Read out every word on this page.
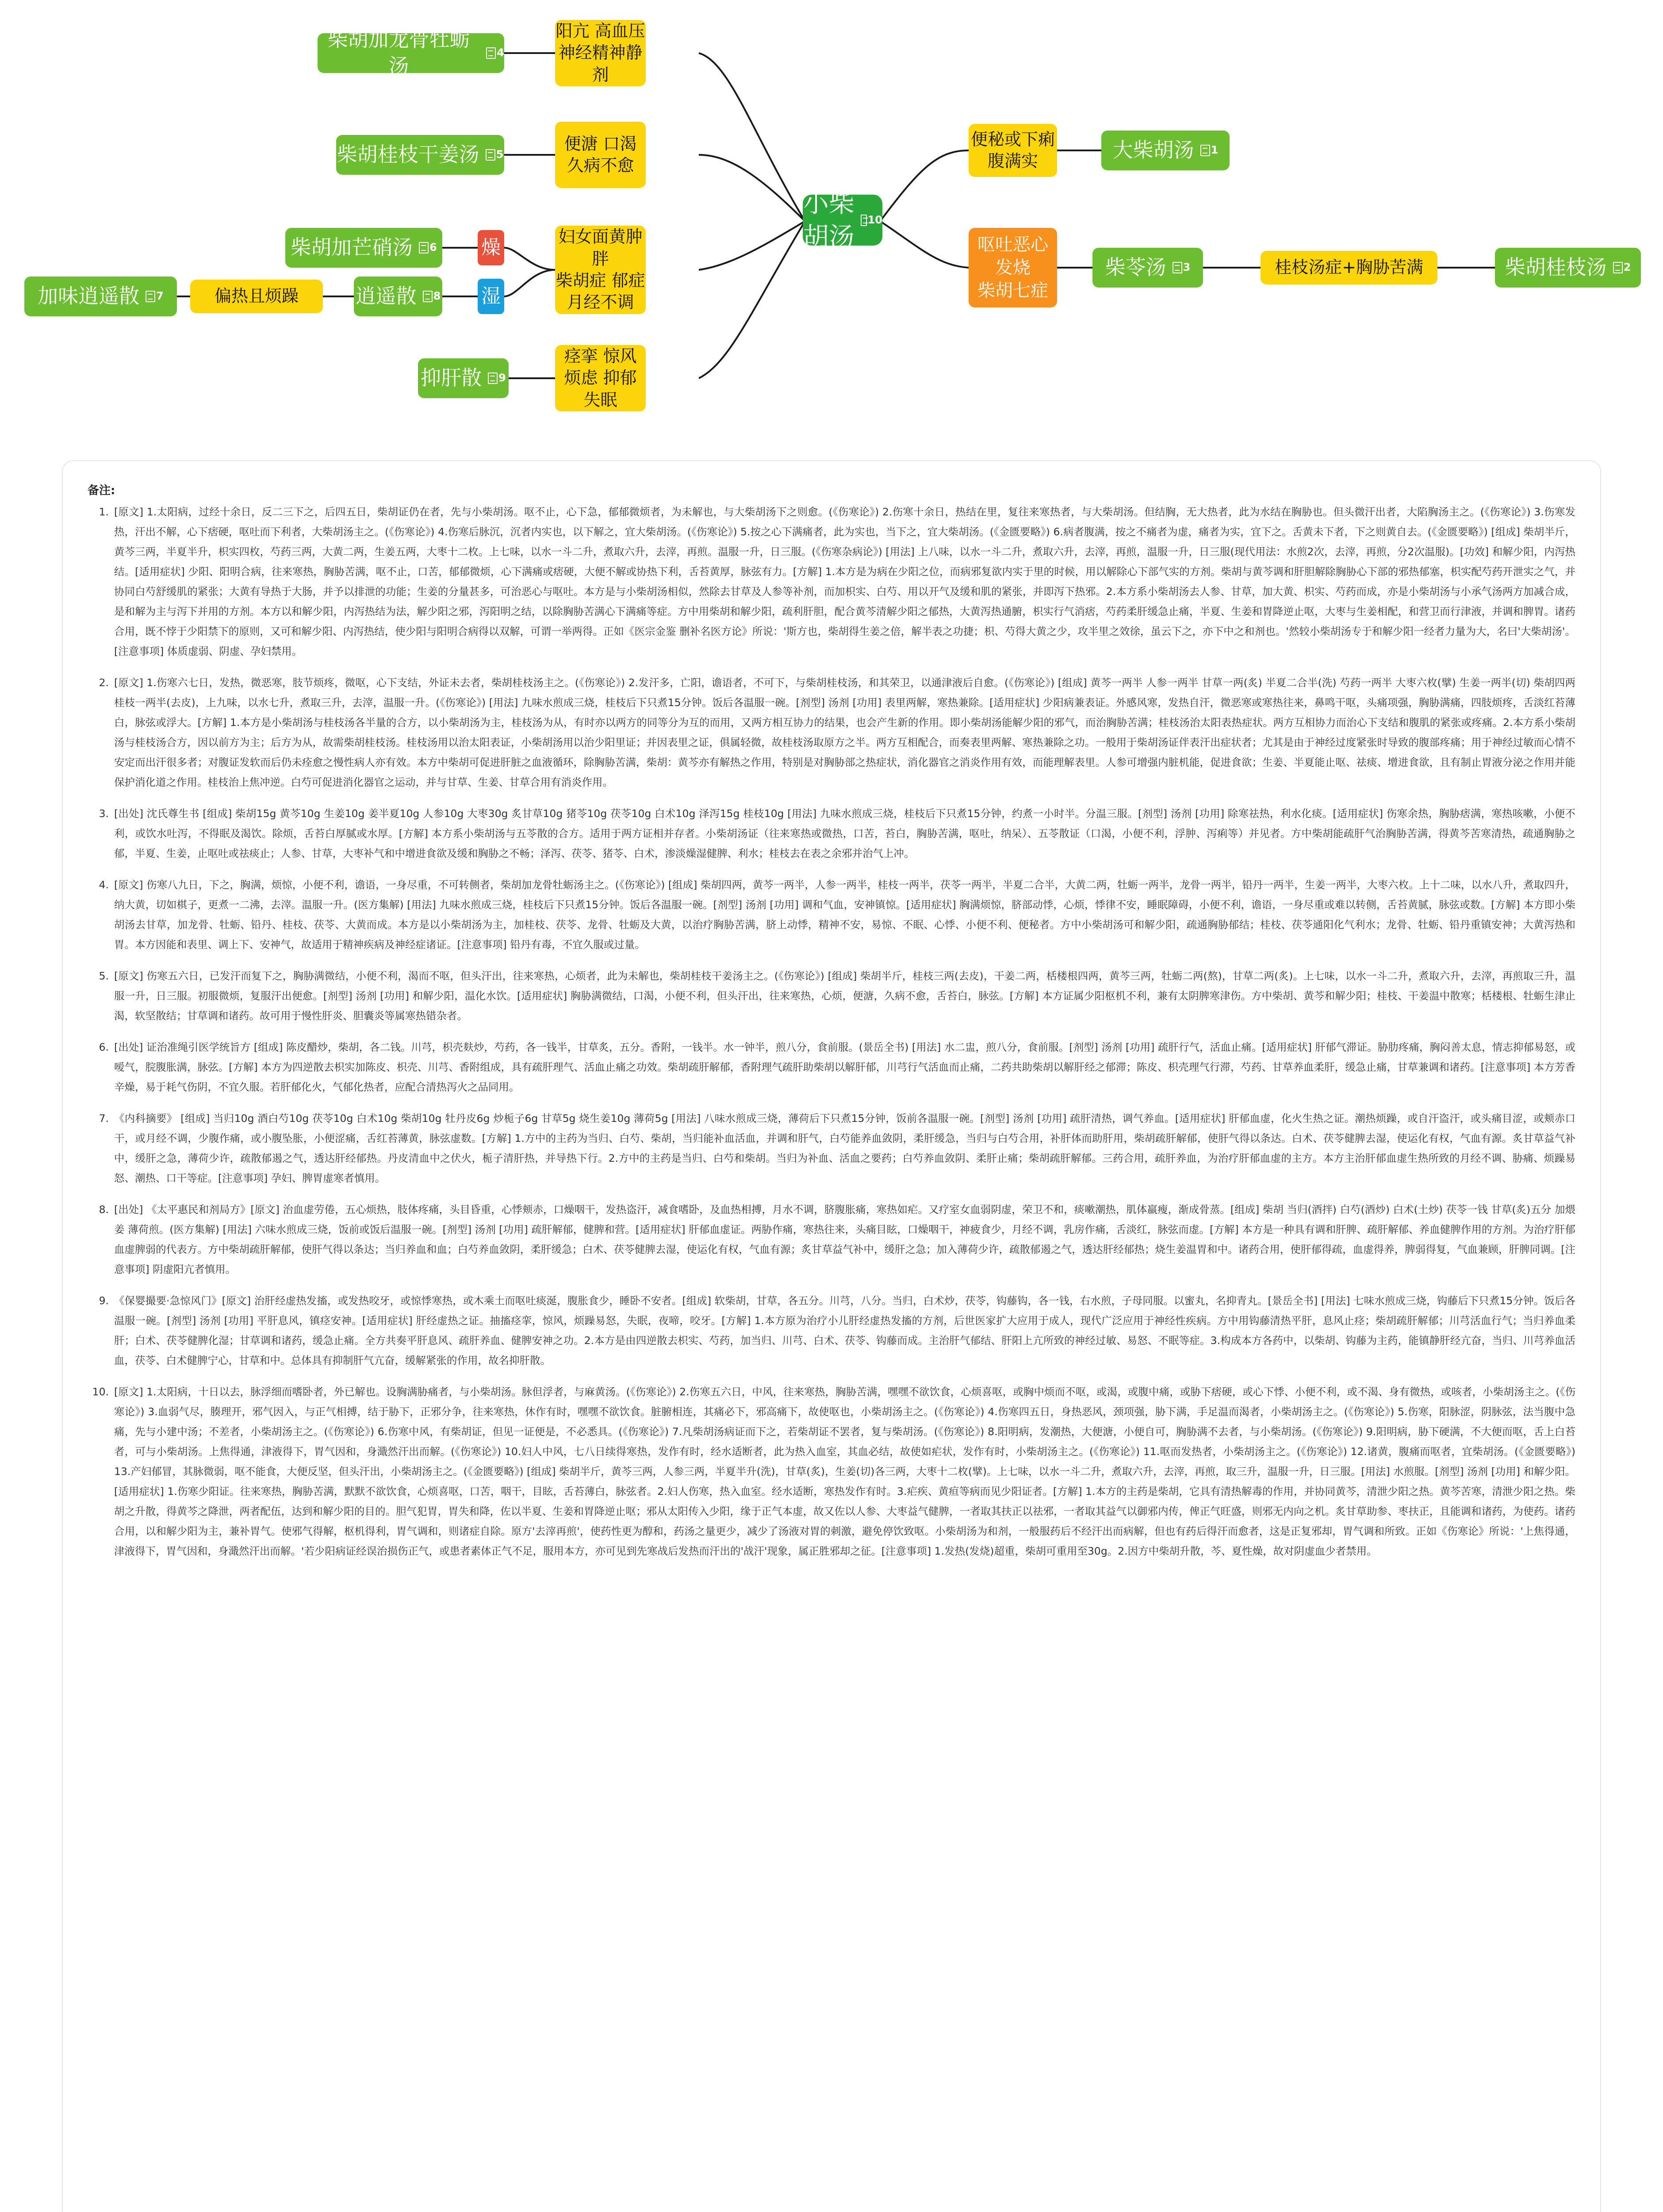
小柴胡汤
10
阳亢 高血压
神经精神静剂
柴胡加龙骨牡蛎汤
4
便溏 口渴
久病不愈
柴胡桂枝干姜汤 5
妇女面黄肿胖
柴胡症 郁症
月经不调
燥
湿
柴胡加芒硝汤 6
逍遥散 8
偏热且烦躁
加味逍遥散 7
痉挛 惊风
烦虑 抑郁 失眠
抑肝散 9
便秘或下痢
腹满实	大柴胡汤 1
呕吐恶心
发烧
柴胡七症
柴苓汤 3	桂枝汤症+胸胁苦满	柴胡桂枝汤 2
备注:
1. [原文] 1.太阳病，过经十余日，反二三下之，后四五日，柴胡证仍在者，先与小柴胡汤。呕不止，心下急，郁郁微烦者，为未解也，与大柴胡汤下之则愈。(《伤寒论》) 2.伤寒十余日，热结在里，复往来寒热者，与大柴胡汤。但结胸，无大热者，此为水结在胸胁也。但头微汗出者，大陷胸汤主之。(《伤寒论》) 3.伤寒发热，汗出不解，心下痞硬，呕吐而下利者，大柴胡汤主之。(《伤寒论》) 4.伤寒后脉沉，沉者内实也，以下解之，宜大柴胡汤。(《伤寒论》) 5.按之心下满痛者，此为实也，当下之，宜大柴胡汤。(《金匮要略》) 6.病者腹满，按之不痛者为虚，痛者为实，宜下之。舌黄未下者，下之则黄自去。(《金匮要略》) [组成] 柴胡半斤，黄芩三两，半夏半升，枳实四枚，芍药三两，大黄二两，生姜五两，大枣十二枚。上七味，以水一斗二升，煮取六升，去滓，再煎。温服一升，日三服。(《伤寒杂病论》) [用法] 上八味，以水一斗二升，煮取六升，去滓，再煎，温服一升，日三服(现代用法：水煎2次，去滓，再煎，分2次温服)。[功效] 和解少阳，内泻热结。[适用症状] 少阳、阳明合病，往来寒热，胸胁苦满，呕不止，口苦，郁郁微烦，心下满痛或痞硬，大便不解或协热下利，舌苔黄厚，脉弦有力。[方解] 1.本方是为病在少阳之位，而病邪复欲内实于里的时候，用以解除心下部气实的方剂。柴胡与黄芩调和肝胆解除胸胁心下部的邪热郁塞，枳实配芍药开泄实之气，并协同白芍舒缓肌的紧张；大黄有导热于大肠，并予以排泄的功能；生姜的分量甚多，可治恶心与呕吐。本方是与小柴胡汤相似，然除去甘草及人参等补剂，而加枳实、白芍、用以开气及缓和肌的紧张，并即泻下热邪。2.本方系小柴胡汤去人参、甘草，加大黄、枳实、芍药而成，亦是小柴胡汤与小承气汤两方加减合成，是和解为主与泻下并用的方剂。本方以和解少阳，内泻热结为法，解少阳之邪，泻阳明之结，以除胸胁苦满心下满痛等症。方中用柴胡和解少阳，疏利肝胆，配合黄芩清解少阳之郁热，大黄泻热通腑，枳实行气消痞，芍药柔肝缓急止痛，半夏、生姜和胃降逆止呕，大枣与生姜相配，和营卫而行津液，并调和脾胃。诸药合用，既不悖于少阳禁下的原则，又可和解少阳、内泻热结，使少阳与阳明合病得以双解，可谓一举两得。正如《医宗金鉴 删补名医方论》所说：'斯方也，柴胡得生姜之倍，解半表之功捷；枳、芍得大黄之少，攻半里之效徐，虽云下之，亦下中之和剂也。'然较小柴胡汤专于和解少阳一经者力量为大，名曰'大柴胡汤'。[注意事项] 体质虚弱、阴虚、孕妇禁用。
2. [原文] 1.伤寒六七日，发热，微恶寒，肢节烦疼，微呕，心下支结，外证未去者，柴胡桂枝汤主之。(《伤寒论》) 2.发汗多，亡阳，谵语者，不可下，与柴胡桂枝汤，和其荣卫，以通津液后自愈。(《伤寒论》) [组成] 黄芩一两半 人参一两半 甘草一两(炙) 半夏二合半(洗) 芍药一两半 大枣六枚(擘) 生姜一两半(切) 柴胡四两 桂枝一两半(去皮)，上九味，以水七升，煮取三升，去滓，温服一升。(《伤寒论》) [用法] 九味水煎成三烧，桂枝后下只煮15分钟。饭后各温服一碗。[剂型] 汤剂 [功用] 表里两解，寒热兼除。[适用症状] 少阳病兼表证。外感风寒，发热自汗，微恶寒或寒热往来，鼻鸣干呕，头痛项强，胸胁满痛，四肢烦疼，舌淡红苔薄白，脉弦或浮大。[方解] 1.本方是小柴胡汤与桂枝汤各半量的合方，以小柴胡汤为主，桂枝汤为从，有时亦以两方的同等分为互的而用，又两方相互协力的结果，也会产生新的作用。即小柴胡汤能解少阳的邪气，而治胸胁苦满；桂枝汤治太阳表热症状。两方互相协力而治心下支结和腹肌的紧张或疼痛。2.本方系小柴胡汤与桂枝汤合方，因以前方为主；后方为从，故需柴胡桂枝汤。桂枝汤用以治太阳表证，小柴胡汤用以治少阳里证；并因表里之证，俱属轻微，故桂枝汤取原方之半。两方互相配合，而奏表里两解、寒热兼除之功。一般用于柴胡汤证伴表汗出症状者；尤其是由于神经过度紧张时导致的腹部疼痛；用于神经过敏而心情不安定而出汗很多者；对腹证发软而后仍未痊愈之慢性病人亦有效。本方中柴胡可促进肝脏之血液循环，除胸胁苦满，柴胡：黄芩亦有解热之作用，特别是对胸胁部之热症状，消化器官之消炎作用有效，而能理解表里。人参可增强内脏机能，促进食欲；生姜、半夏能止呕、祛痰、增进食欲，且有制止胃液分泌之作用并能保护消化道之作用。桂枝治上焦冲逆。白芍可促进消化器官之运动，并与甘草、生姜、甘草合用有消炎作用。
3. [出处] 沈氏尊生书 [组成] 柴胡15g 黄芩10g 生姜10g 姜半夏10g 人参10g 大枣30g 炙甘草10g 猪苓10g 茯苓10g 白术10g 泽泻15g 桂枝10g [用法] 九味水煎成三烧，桂枝后下只煮15分钟，约煮一小时半。分温三服。[剂型] 汤剂 [功用] 除寒祛热，利水化痰。[适用症状] 伤寒余热，胸胁痞满，寒热咳嗽，小便不利，或饮水吐泻，不得眠及渴饮。除烦，舌苔白厚腻或水厚。[方解] 本方系小柴胡汤与五苓散的合方。适用于两方证相并存者。小柴胡汤证（往来寒热或微热，口苦，苔白，胸胁苦满，呕吐，纳呆）、五苓散证（口渴，小便不利，浮肿、泻痢等）并见者。方中柴胡能疏肝气治胸胁苦满，得黄芩苦寒清热，疏通胸胁之郁，半夏、生姜，止呕吐或祛痰止；人参、甘草，大枣补气和中增进食欲及缓和胸胁之不畅；泽泻、茯苓、猪苓、白术，渗淡燥湿健脾、利水；桂枝去在表之余邪并治气上冲。
4. [原文] 伤寒八九日，下之，胸满，烦惊，小便不利，谵语，一身尽重，不可转侧者，柴胡加龙骨牡蛎汤主之。(《伤寒论》) [组成] 柴胡四两，黄芩一两半，人参一两半，桂枝一两半，茯苓一两半，半夏二合半，大黄二两，牡蛎一两半，龙骨一两半，铅丹一两半，生姜一两半，大枣六枚。上十二味，以水八升，煮取四升，纳大黄，切如棋子，更煮一二沸，去滓。温服一升。(医方集解) [用法] 九味水煎成三烧，桂枝后下只煮15分钟。饭后各温服一碗。[剂型] 汤剂 [功用] 调和气血，安神镇惊。[适用症状] 胸满烦惊，脐部动悸，心烦，悸律不安，睡眠障碍，小便不利，谵语，一身尽重或难以转侧，舌苔黄腻，脉弦或数。[方解] 本方即小柴胡汤去甘草，加龙骨、牡蛎、铅丹、桂枝、茯苓、大黄而成。本方是以小柴胡汤为主，加桂枝、茯苓、龙骨、牡蛎及大黄，以治疗胸胁苦满，脐上动悸，精神不安，易惊、不眠、心悸、小便不利、便秘者。方中小柴胡汤可和解少阳，疏通胸胁郁结；桂枝、茯苓通阳化气利水；龙骨、牡蛎、铅丹重镇安神；大黄泻热和胃。本方因能和表里、调上下、安神气，故适用于精神疾病及神经症诸证。[注意事项] 铅丹有毒，不宜久服或过量。
5. [原文] 伤寒五六日，已发汗而复下之，胸胁满微结，小便不利，渴而不呕，但头汗出，往来寒热，心烦者，此为未解也，柴胡桂枝干姜汤主之。(《伤寒论》) [组成] 柴胡半斤，桂枝三两(去皮)，干姜二两，栝楼根四两，黄芩三两，牡蛎二两(熬)，甘草二两(炙)。上七味，以水一斗二升，煮取六升，去滓，再煎取三升，温服一升，日三服。初服微烦，复服汗出便愈。[剂型] 汤剂 [功用] 和解少阳，温化水饮。[适用症状] 胸胁满微结，口渴，小便不利，但头汗出，往来寒热，心烦，便溏，久病不愈，舌苔白，脉弦。[方解] 本方证属少阳枢机不利，兼有太阴脾寒津伤。方中柴胡、黄芩和解少阳；桂枝、干姜温中散寒；栝楼根、牡蛎生津止渴，软坚散结；甘草调和诸药。故可用于慢性肝炎、胆囊炎等属寒热错杂者。
6. [出处] 证治准绳引医学统旨方 [组成] 陈皮醋炒，柴胡，各二钱。川芎，枳壳麸炒，芍药，各一钱半，甘草炙，五分。香附，一钱半。水一钟半，煎八分，食前服。(景岳全书) [用法] 水二盅，煎八分，食前服。[剂型] 汤剂 [功用] 疏肝行气，活血止痛。[适用症状] 肝郁气滞证。胁肋疼痛，胸闷善太息，情志抑郁易怒，或嗳气，脘腹胀满，脉弦。[方解] 本方为四逆散去枳实加陈皮、枳壳、川芎、香附组成，具有疏肝理气、活血止痛之功效。柴胡疏肝解郁，香附理气疏肝助柴胡以解肝郁，川芎行气活血而止痛，二药共助柴胡以解肝经之郁滞；陈皮、枳壳理气行滞，芍药、甘草养血柔肝，缓急止痛，甘草兼调和诸药。[注意事项] 本方芳香辛燥，易于耗气伤阴，不宜久服。若肝郁化火，气郁化热者，应配合清热泻火之品同用。
7. 《内科摘要》 [组成] 当归10g 酒白芍10g 茯苓10g 白术10g 柴胡10g 牡丹皮6g 炒栀子6g 甘草5g 烧生姜10g 薄荷5g [用法] 八味水煎成三烧，薄荷后下只煮15分钟，饭前各温服一碗。[剂型] 汤剂 [功用] 疏肝清热，调气养血。[适用症状] 肝郁血虚，化火生热之证。潮热烦躁，或自汗盗汗，或头痛目涩，或颊赤口干，或月经不调，少腹作痛，或小腹坠胀，小便涩痛，舌红苔薄黄，脉弦虚数。[方解] 1.方中的主药为当归、白芍、柴胡，当归能补血活血，并调和肝气，白芍能养血敛阴，柔肝缓急，当归与白芍合用，补肝体而助肝用，柴胡疏肝解郁，使肝气得以条达。白术、茯苓健脾去湿，使运化有权，气血有源。炙甘草益气补中，缓肝之急，薄荷少许，疏散郁遏之气，透达肝经郁热。丹皮清血中之伏火，栀子清肝热，并导热下行。2.方中的主药是当归、白芍和柴胡。当归为补血、活血之要药；白芍养血敛阴、柔肝止痛；柴胡疏肝解郁。三药合用，疏肝养血，为治疗肝郁血虚的主方。本方主治肝郁血虚生热所致的月经不调、胁痛、烦躁易怒、潮热、口干等症。[注意事项] 孕妇、脾胃虚寒者慎用。
8. [出处] 《太平惠民和剂局方》[原文] 治血虚劳倦，五心烦热，肢体疼痛，头目昏重，心悸颊赤，口燥咽干，发热盗汗，减食嗜卧，及血热相搏，月水不调，脐腹胀痛，寒热如疟。又疗室女血弱阴虚，荣卫不和，痰嗽潮热，肌体羸瘦，渐成骨蒸。[组成] 柴胡 当归(酒拌) 白芍(酒炒) 白术(土炒) 茯苓一钱 甘草(炙)五分 加煨姜 薄荷煎。(医方集解) [用法] 六味水煎成三烧，饭前或饭后温服一碗。[剂型] 汤剂 [功用] 疏肝解郁，健脾和营。[适用症状] 肝郁血虚证。两胁作痛，寒热往来，头痛目眩，口燥咽干，神疲食少，月经不调，乳房作痛，舌淡红，脉弦而虚。[方解] 本方是一种具有调和肝脾、疏肝解郁、养血健脾作用的方剂。为治疗肝郁血虚脾弱的代表方。方中柴胡疏肝解郁，使肝气得以条达；当归养血和血；白芍养血敛阴，柔肝缓急；白术、茯苓健脾去湿，使运化有权，气血有源；炙甘草益气补中，缓肝之急；加入薄荷少许，疏散郁遏之气，透达肝经郁热；烧生姜温胃和中。诸药合用，使肝郁得疏，血虚得养，脾弱得复，气血兼顾，肝脾同调。[注意事项] 阴虚阳亢者慎用。
9. 《保婴撮要·急惊风门》[原文] 治肝经虚热发搐，或发热咬牙，或惊悸寒热，或木乘土而呕吐痰涎，腹胀食少，睡卧不安者。[组成] 软柴胡，甘草，各五分。川芎，八分。当归，白术炒，茯苓，钩藤钩，各一钱，右水煎，子母同服。以蜜丸，名抑青丸。[景岳全书] [用法] 七味水煎成三烧，钩藤后下只煮15分钟。饭后各温服一碗。[剂型] 汤剂 [功用] 平肝息风，镇痉安神。[适用症状] 肝经虚热之证。抽搐痉挛，惊风，烦躁易怒，失眠，夜啼，咬牙。[方解] 1.本方原为治疗小儿肝经虚热发搐的方剂，后世医家扩大应用于成人，现代广泛应用于神经性疾病。方中用钩藤清热平肝，息风止痉；柴胡疏肝解郁；川芎活血行气；当归养血柔肝；白术、茯苓健脾化湿；甘草调和诸药，缓急止痛。全方共奏平肝息风、疏肝养血、健脾安神之功。2.本方是由四逆散去枳实、芍药，加当归、川芎、白术、茯苓、钩藤而成。主治肝气郁结、肝阳上亢所致的神经过敏、易怒、不眠等症。3.构成本方各药中，以柴胡、钩藤为主药，能镇静肝经亢奋，当归、川芎养血活血，茯苓、白术健脾宁心，甘草和中。总体具有抑制肝气亢奋，缓解紧张的作用，故名抑肝散。
10. [原文] 1.太阳病，十日以去，脉浮细而嗜卧者，外已解也。设胸满胁痛者，与小柴胡汤。脉但浮者，与麻黄汤。(《伤寒论》) 2.伤寒五六日，中风，往来寒热，胸胁苦满，嘿嘿不欲饮食，心烦喜呕，或胸中烦而不呕，或渴，或腹中痛，或胁下痞硬，或心下悸、小便不利，或不渴、身有微热，或咳者，小柴胡汤主之。(《伤寒论》) 3.血弱气尽，腠理开，邪气因入，与正气相搏，结于胁下，正邪分争，往来寒热，休作有时，嘿嘿不欲饮食。脏腑相连，其痛必下，邪高痛下，故使呕也，小柴胡汤主之。(《伤寒论》) 4.伤寒四五日，身热恶风，颈项强，胁下满，手足温而渴者，小柴胡汤主之。(《伤寒论》) 5.伤寒，阳脉涩，阴脉弦，法当腹中急痛，先与小建中汤；不差者，小柴胡汤主之。(《伤寒论》) 6.伤寒中风，有柴胡证，但见一证便是，不必悉具。(《伤寒论》) 7.凡柴胡汤病证而下之，若柴胡证不罢者，复与柴胡汤。(《伤寒论》) 8.阳明病，发潮热，大便溏，小便自可，胸胁满不去者，与小柴胡汤。(《伤寒论》) 9.阳明病，胁下硬满，不大便而呕，舌上白苔者，可与小柴胡汤。上焦得通，津液得下，胃气因和，身濈然汗出而解。(《伤寒论》) 10.妇人中风，七八日续得寒热，发作有时，经水适断者，此为热入血室，其血必结，故使如疟状，发作有时，小柴胡汤主之。(《伤寒论》) 11.呕而发热者，小柴胡汤主之。(《伤寒论》) 12.诸黄，腹痛而呕者，宜柴胡汤。(《金匮要略》) 13.产妇郁冒，其脉微弱，呕不能食，大便反坚，但头汗出，小柴胡汤主之。(《金匮要略》) [组成] 柴胡半斤，黄芩三两，人参三两，半夏半升(洗)，甘草(炙)，生姜(切)各三两，大枣十二枚(擘)。上七味，以水一斗二升，煮取六升，去滓，再煎，取三升，温服一升，日三服。[用法] 水煎服。[剂型] 汤剂 [功用] 和解少阳。[适用症状] 1.伤寒少阳证。往来寒热，胸胁苦满，默默不欲饮食，心烦喜呕，口苦，咽干，目眩，舌苔薄白，脉弦者。2.妇人伤寒，热入血室。经水适断，寒热发作有时。3.疟疾、黄疸等病而见少阳证者。[方解] 1.本方的主药是柴胡，它具有清热解毒的作用，并协同黄芩，清泄少阳之热。黄芩苦寒，清泄少阳之热。柴胡之升散，得黄芩之降泄，两者配伍，达到和解少阳的目的。胆气犯胃，胃失和降，佐以半夏、生姜和胃降逆止呕；邪从太阳传入少阳，缘于正气本虚，故又佐以人参、大枣益气健脾，一者取其扶正以祛邪，一者取其益气以御邪内传，俾正气旺盛，则邪无内向之机。炙甘草助参、枣扶正，且能调和诸药，为使药。诸药合用，以和解少阳为主，兼补胃气。使邪气得解，枢机得利，胃气调和，则诸症自除。原方'去滓再煎'，使药性更为醇和，药汤之量更少，减少了汤液对胃的刺激，避免停饮致呕。小柴胡汤为和剂，一般服药后不经汗出而病解，但也有药后得汗而愈者，这是正复邪却，胃气调和所致。正如《伤寒论》所说：'上焦得通，津液得下，胃气因和，身濈然汗出而解。'若少阳病证经误治损伤正气，或患者素体正气不足，服用本方，亦可见到先寒战后发热而汗出的'战汗'现象，属正胜邪却之征。[注意事项] 1.发热(发烧)超重，柴胡可重用至30g。2.因方中柴胡升散，芩、夏性燥，故对阴虚血少者禁用。
